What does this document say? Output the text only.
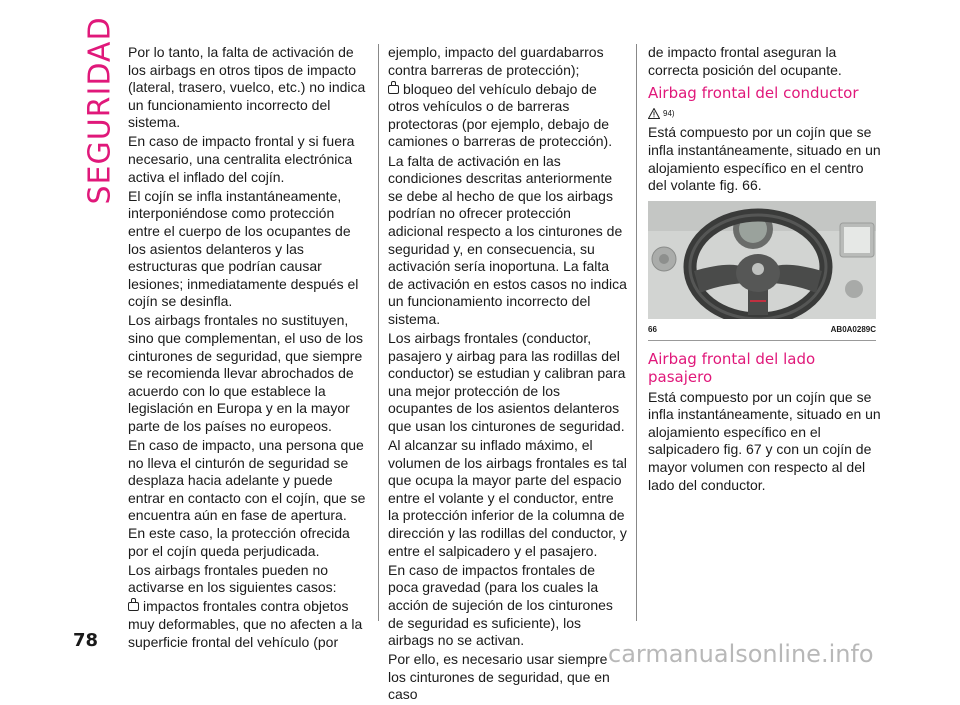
SEGURIDAD
78

Por lo tanto, la falta de activación de los airbags en otros tipos de impacto (lateral, trasero, vuelco, etc.) no indica un funcionamiento incorrecto del sistema.

En caso de impacto frontal y si fuera necesario, una centralita electrónica activa el inflado del cojín.

El cojín se infla instantáneamente, interponiéndose como protección entre el cuerpo de los ocupantes de los asientos delanteros y las estructuras que podrían causar lesiones; inmediatamente después el cojín se desinfla.

Los airbags frontales no sustituyen, sino que complementan, el uso de los cinturones de seguridad, que siempre se recomienda llevar abrochados de acuerdo con lo que establece la legislación en Europa y en la mayor parte de los países no europeos.

En caso de impacto, una persona que no lleva el cinturón de seguridad se desplaza hacia adelante y puede entrar en contacto con el cojín, que se encuentra aún en fase de apertura. En este caso, la protección ofrecida por el cojín queda perjudicada.

Los airbags frontales pueden no activarse en los siguientes casos:

impactos frontales contra objetos muy deformables, que no afecten a la superficie frontal del vehículo (por

ejemplo, impacto del guardabarros contra barreras de protección);

bloqueo del vehículo debajo de otros vehículos o de barreras protectoras (por ejemplo, debajo de camiones o barreras de protección).

La falta de activación en las condiciones descritas anteriormente se debe al hecho de que los airbags podrían no ofrecer protección adicional respecto a los cinturones de seguridad y, en consecuencia, su activación sería inoportuna. La falta de activación en estos casos no indica un funcionamiento incorrecto del sistema.

Los airbags frontales (conductor, pasajero y airbag para las rodillas del conductor) se estudian y calibran para una mejor protección de los ocupantes de los asientos delanteros que usan los cinturones de seguridad.

Al alcanzar su inflado máximo, el volumen de los airbags frontales es tal que ocupa la mayor parte del espacio entre el volante y el conductor, entre la protección inferior de la columna de dirección y las rodillas del conductor, y entre el salpicadero y el pasajero.

En caso de impactos frontales de poca gravedad (para los cuales la acción de sujeción de los cinturones de seguridad es suficiente), los airbags no se activan.

Por ello, es necesario usar siempre los cinturones de seguridad, que en caso

de impacto frontal aseguran la correcta posición del ocupante.

Airbag frontal del conductor
94)

Está compuesto por un cojín que se infla instantáneamente, situado en un alojamiento específico en el centro del volante fig. 66.

66	AB0A0289C
Airbag frontal del lado pasajero

Está compuesto por un cojín que se infla instantáneamente, situado en un alojamiento específico en el salpicadero fig. 67 y con un cojín de mayor volumen con respecto al del lado del conductor.

carmanualsonline.info
